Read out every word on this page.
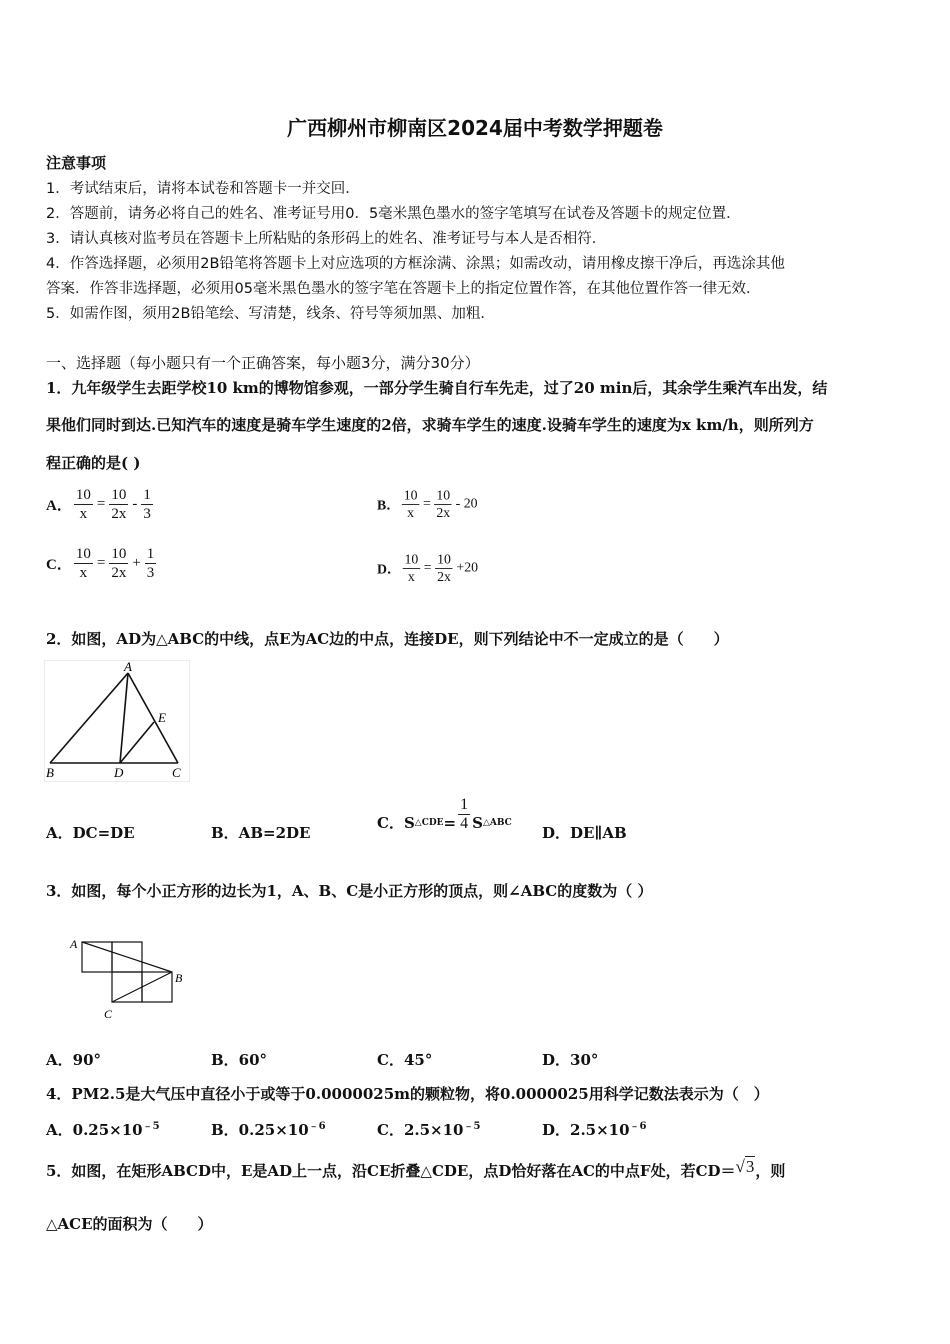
广西柳州市柳南区2024届中考数学押题卷
注意事项
1．考试结束后，请将本试卷和答题卡一并交回．
2．答题前，请务必将自己的姓名、准考证号用0．5毫米黑色墨水的签字笔填写在试卷及答题卡的规定位置．
3．请认真核对监考员在答题卡上所粘贴的条形码上的姓名、准考证号与本人是否相符．
4．作答选择题，必须用2B铅笔将答题卡上对应选项的方框涂满、涂黑；如需改动，请用橡皮擦干净后，再选涂其他
答案．作答非选择题，必须用05毫米黑色墨水的签字笔在答题卡上的指定位置作答，在其他位置作答一律无效．
5．如需作图，须用2B铅笔绘、写清楚，线条、符号等须加黑、加粗．
一、选择题（每小题只有一个正确答案，每小题3分，满分30分）
1．九年级学生去距学校10 km的博物馆参观，一部分学生骑自行车先走，过了20 min后，其余学生乘汽车出发，结
果他们同时到达.已知汽车的速度是骑车学生速度的2倍，求骑车学生的速度.设骑车学生的速度为x km/h，则所列方
程正确的是( )
A． $\frac{10}{x} = \frac{10}{2x} - \frac{1}{3}$	B． $\frac{10}{x} = \frac{10}{2x} - 20$
C． $\frac{10}{x} = \frac{10}{2x} + \frac{1}{3}$	D． $\frac{10}{x} = \frac{10}{2x} +20$
2．如图，AD为△ABC的中线，点E为AC边的中点，连接DE，则下列结论中不一定成立的是（　　）
A
E
B	D	C
A．DC=DE	B．AB=2DE
C．S △CDE = $\frac{1}{4}$ S △ABC
D．DE∥AB
3．如图，每个小正方形的边长为1，A、B、C是小正方形的顶点，则∠ABC的度数为（ ）
A
B
C
A．90°	B．60°	C．45°	D．30°
4．PM2.5是大气压中直径小于或等于0.0000025m的颗粒物，将0.0000025用科学记数法表示为（　）
A．$0.25\times 10^{﹣5}$	B．$0.25\times 10^{﹣6}$	C．$2.5\times 10^{﹣5}$	D．$2.5\times 10^{﹣6}$
5．如图，在矩形ABCD中，E是AD上一点，沿CE折叠△CDE，点D恰好落在AC的中点F处，若CD＝ √3 ，则
△ACE的面积为（　　）
